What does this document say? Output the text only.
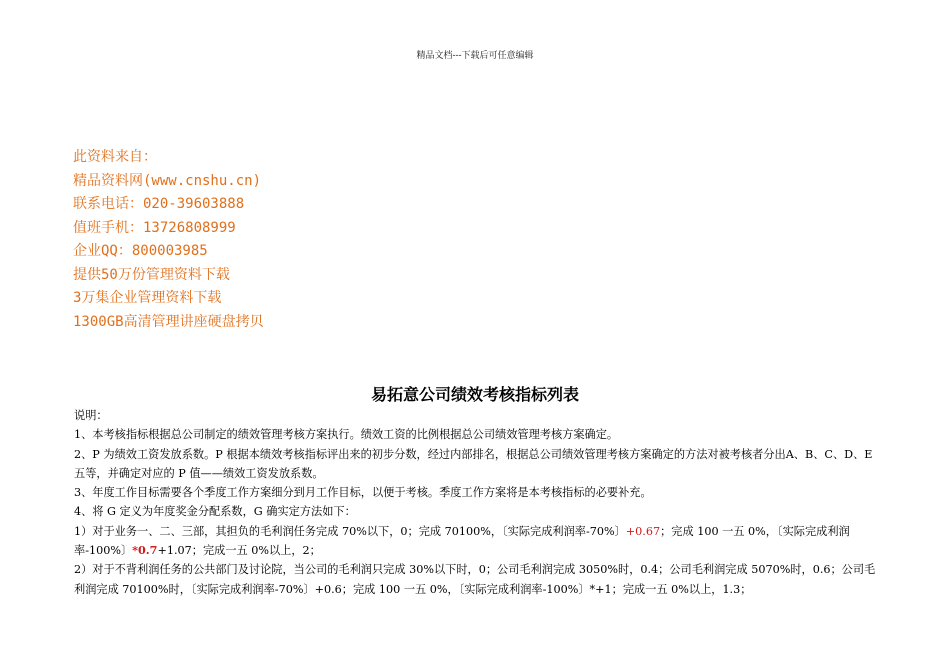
精品文档---下载后可任意编辑
此资料来自：
精品资料网(www.cnshu.cn)
联系电话：020-39603888
值班手机：13726808999
企业QQ：800003985
提供50万份管理资料下载
3万集企业管理资料下载
1300GB高清管理讲座硬盘拷贝
易拓意公司绩效考核指标列表

说明：

1、本考核指标根据总公司制定的绩效管理考核方案执行。绩效工资的比例根据总公司绩效管理考核方案确定。

2、P 为绩效工资发放系数。P 根据本绩效考核指标评出来的初步分数，经过内部排名，根据总公司绩效管理考核方案确定的方法对被考核者分出A、B、C、D、E 五等，并确定对应的 P 值——绩效工资发放系数。

3、年度工作目标需要各个季度工作方案细分到月工作目标，以便于考核。季度工作方案将是本考核指标的必要补充。

4、将 G 定义为年度奖金分配系数，G 确实定方法如下：

1）对于业务一、二、三部，其担负的毛利润任务完成 70%以下，0；完成 70100%，〔实际完成利润率-70%〕+0.67；完成 100 一五 0%，〔实际完成利润率-100%〕*0.7+1.07；完成一五 0%以上，2；

2）对于不背利润任务的公共部门及讨论院，当公司的毛利润只完成 30%以下时，0；公司毛利润完成 3050%时，0.4；公司毛利润完成 5070%时，0.6；公司毛利润完成 70100%时，〔实际完成利润率-70%〕+0.6；完成 100 一五 0%，〔实际完成利润率-100%〕*+1；完成一五 0%以上，1.3；
